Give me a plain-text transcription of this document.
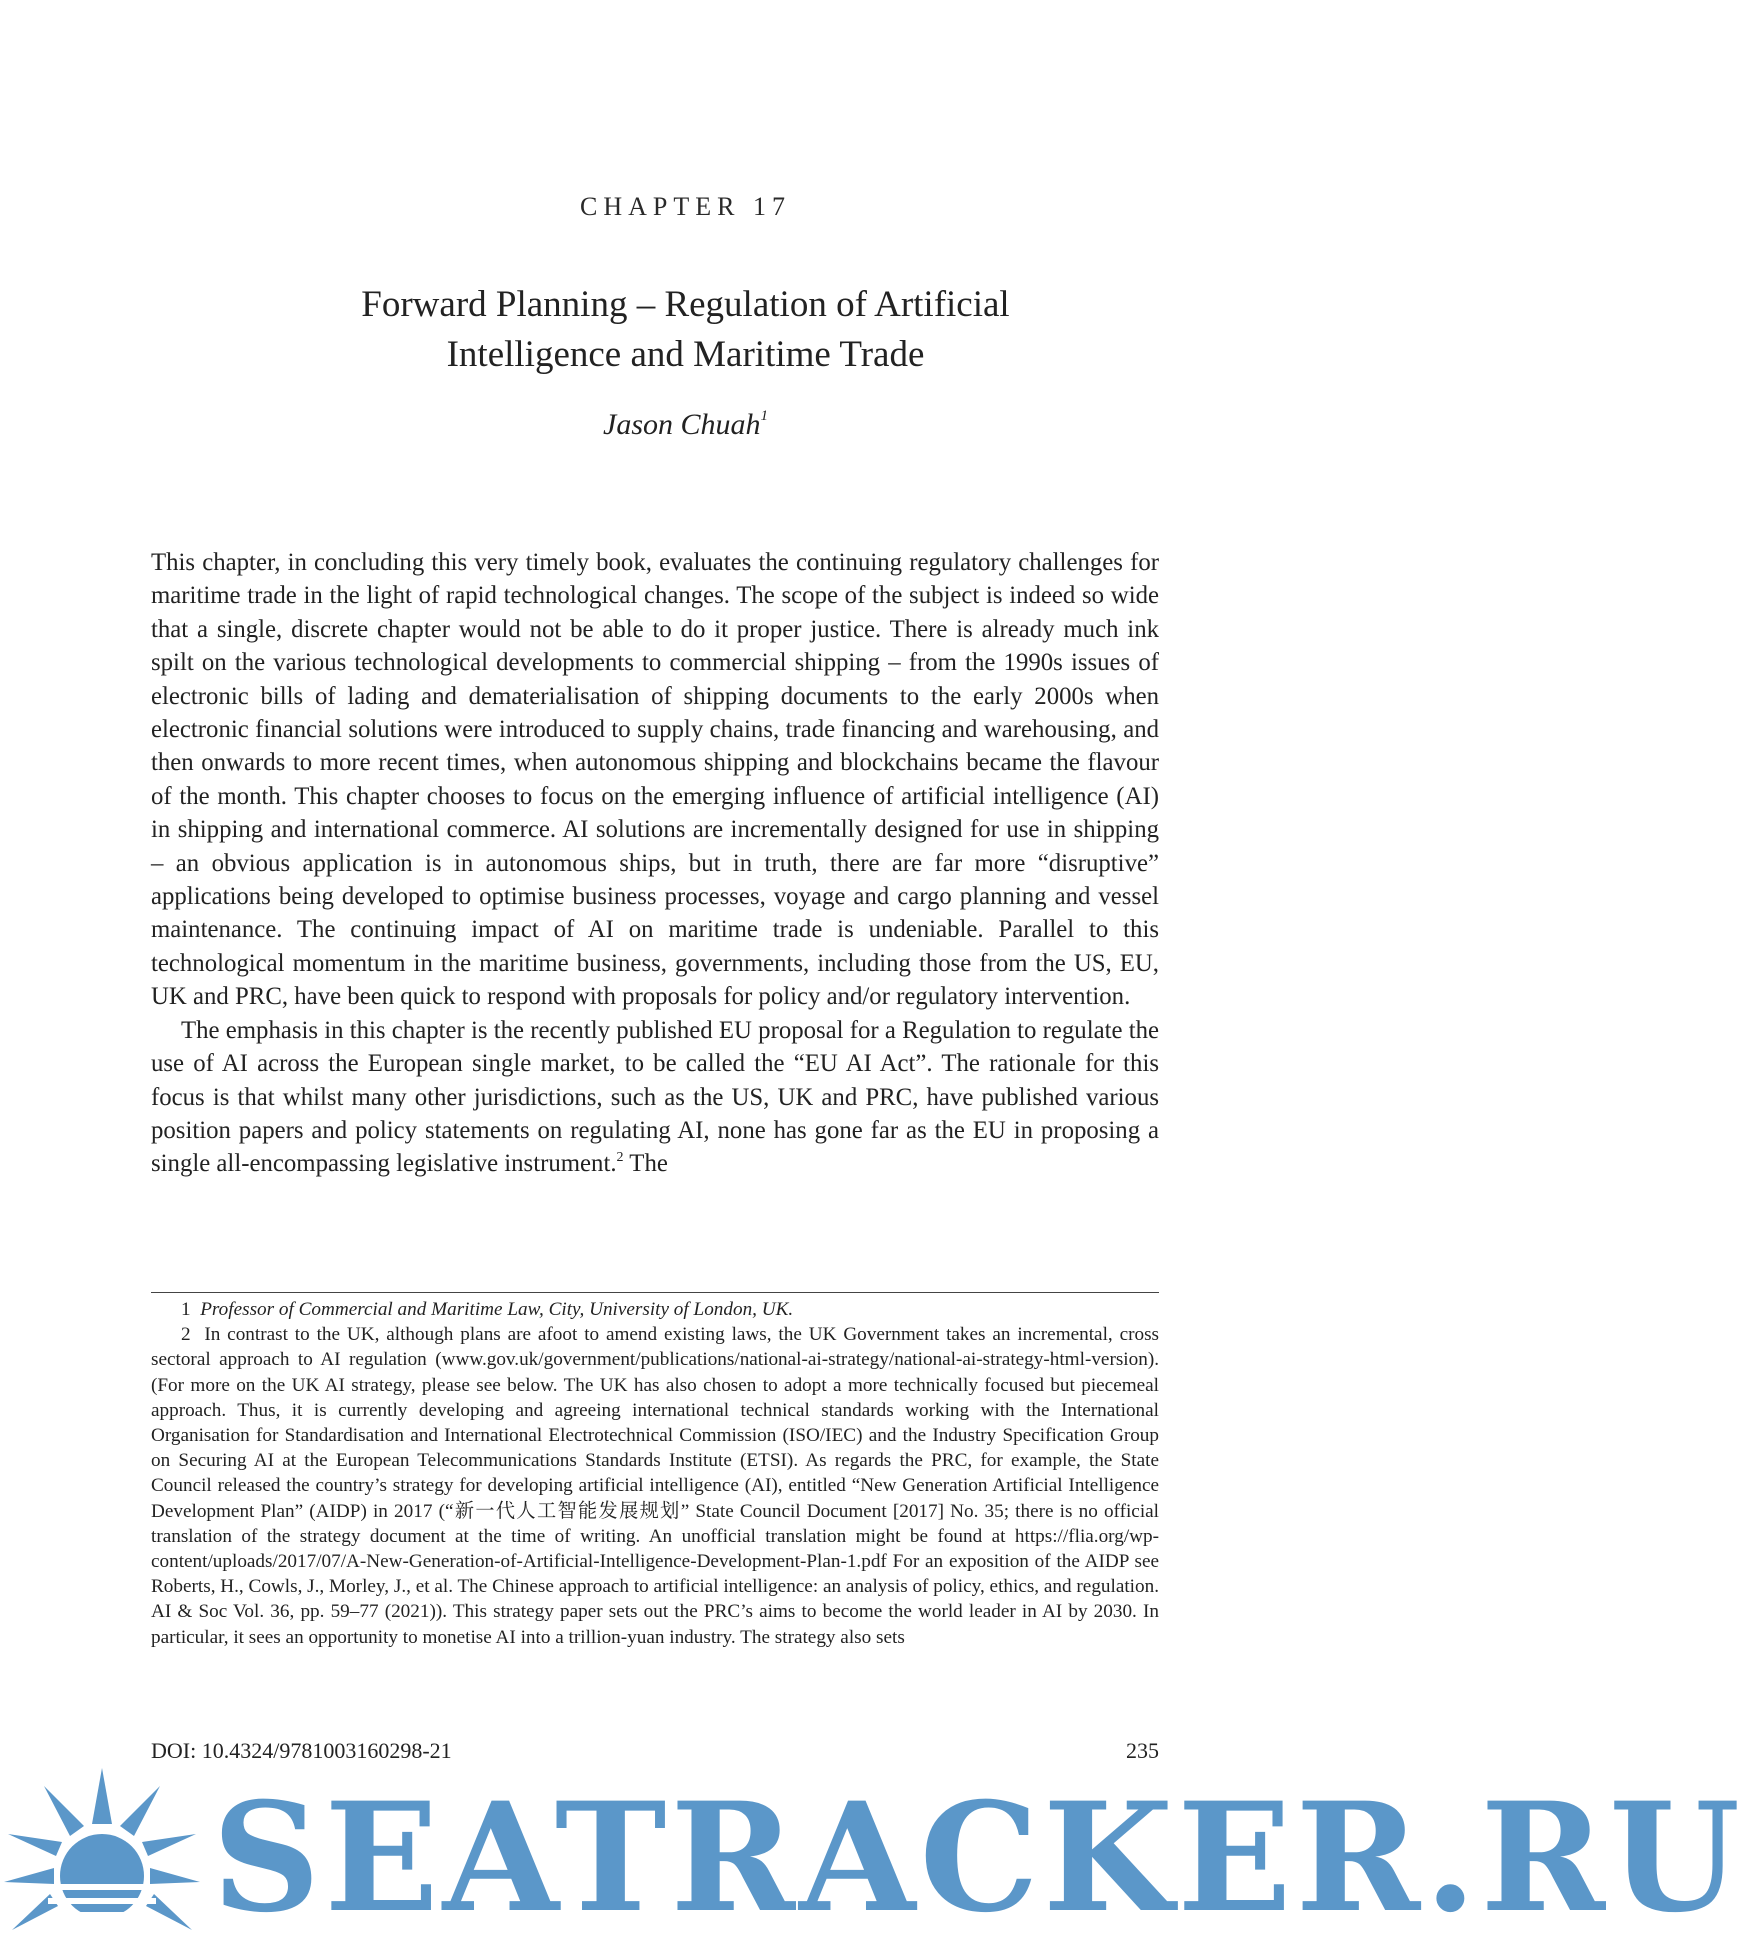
CHAPTER 17
Forward Planning – Regulation of Artificial
Intelligence and Maritime Trade
Jason Chuah$^1$

This chapter, in concluding this very timely book, evaluates the continuing regulatory challenges for maritime trade in the light of rapid technological changes. The scope of the subject is indeed so wide that a single, discrete chapter would not be able to do it proper justice. There is already much ink spilt on the various technological developments to commercial shipping – from the 1990s issues of electronic bills of lading and dematerialisation of shipping documents to the early 2000s when electronic financial solutions were introduced to supply chains, trade financing and warehousing, and then onwards to more recent times, when autonomous shipping and blockchains became the flavour of the month. This chapter chooses to focus on the emerging influence of artificial intelligence (AI) in shipping and international commerce. AI solutions are incrementally designed for use in shipping – an obvious application is in autonomous ships, but in truth, there are far more “disruptive” applications being developed to optimise business processes, voyage and cargo planning and vessel maintenance. The continuing impact of AI on maritime trade is undeniable. Parallel to this technological momentum in the maritime business, governments, including those from the US, EU, UK and PRC, have been quick to respond with proposals for policy and/or regulatory intervention.

The emphasis in this chapter is the recently published EU proposal for a Regulation to regulate the use of AI across the European single market, to be called the “EU AI Act”. The rationale for this focus is that whilst many other jurisdictions, such as the US, UK and PRC, have published various position papers and policy statements on regulating AI, none has gone far as the EU in proposing a single all-encompassing legislative instrument.$^2$ The

1 Professor of Commercial and Maritime Law, City, University of London, UK.

2 In contrast to the UK, although plans are afoot to amend existing laws, the UK Government takes an incremental, cross sectoral approach to AI regulation (www.gov.uk/government/publications/national-ai-strategy/national-ai-strategy-html-version). (For more on the UK AI strategy, please see below. The UK has also chosen to adopt a more technically focused but piecemeal approach. Thus, it is currently developing and agreeing international technical standards working with the International Organisation for Standardisation and International Electrotechnical Commission (ISO/IEC) and the Industry Specification Group on Securing AI at the European Telecommunications Standards Institute (ETSI). As regards the PRC, for example, the State Council released the country’s strategy for developing artificial intelligence (AI), entitled “New Generation Artificial Intelligence Development Plan” (AIDP) in 2017 (“新一代人工智能发展规划” State Council Document [2017] No. 35; there is no official translation of the strategy document at the time of writing. An unofficial translation might be found at https://flia.org/wp-content/uploads/2017/07/A-New-Generation-of-Artificial-Intelligence-Development-Plan-1.pdf For an exposition of the AIDP see Roberts, H., Cowls, J., Morley, J., et al. The Chinese approach to artificial intelligence: an analysis of policy, ethics, and regulation. AI & Soc Vol. 36, pp. 59–77 (2021)). This strategy paper sets out the PRC’s aims to become the world leader in AI by 2030. In particular, it sees an opportunity to monetise AI into a trillion-yuan industry. The strategy also sets

DOI: 10.4324/9781003160298-21	235
SEATRACKER.RU
